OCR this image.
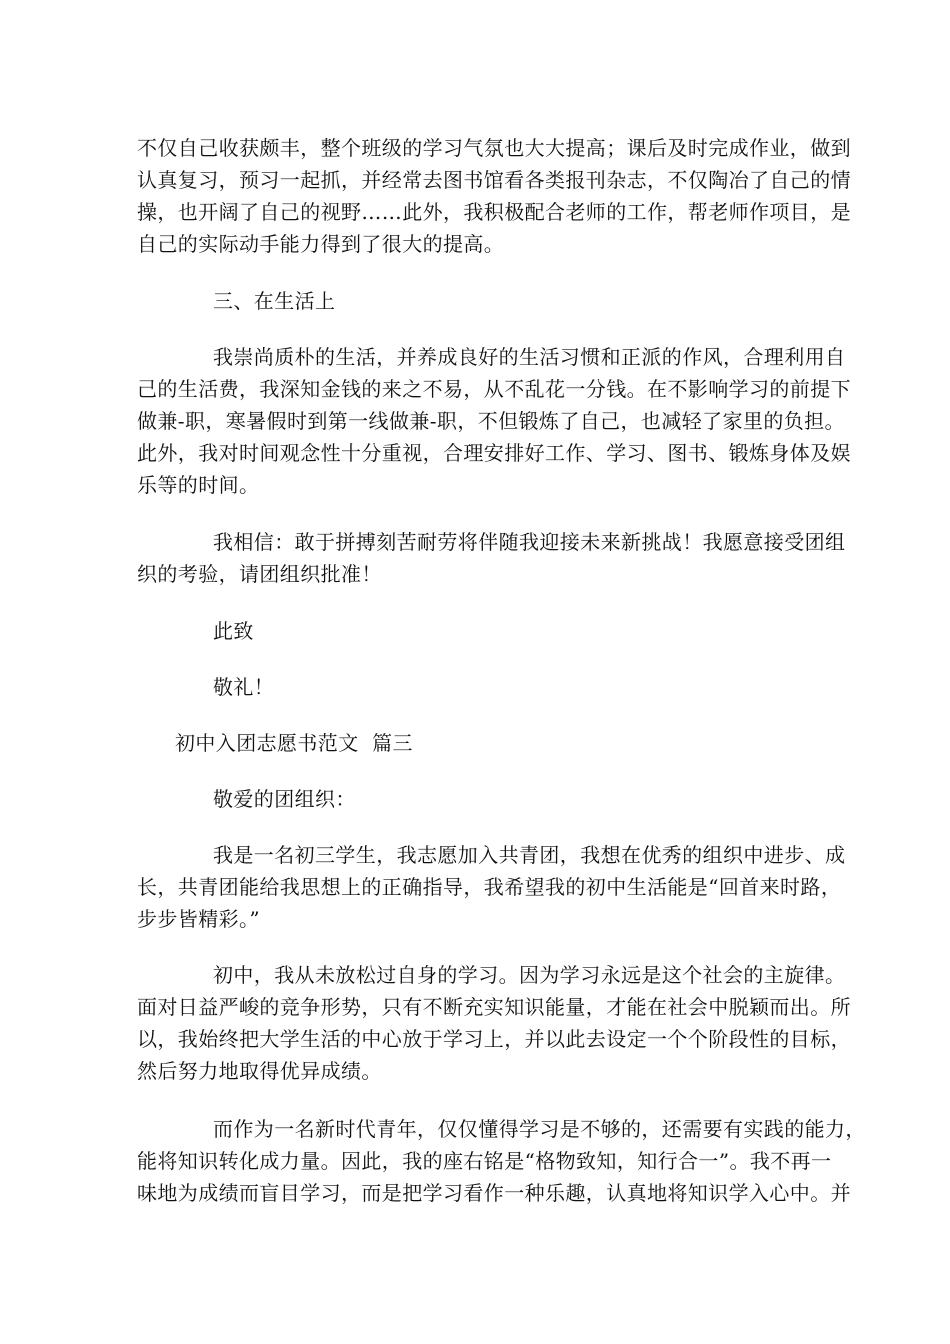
不仅自己收获颇丰，整个班级的学习气氛也大大提高；课后及时完成作业，做到
认真复习，预习一起抓，并经常去图书馆看各类报刊杂志，不仅陶冶了自己的情
操，也开阔了自己的视野……此外，我积极配合老师的工作，帮老师作项目，是
自己的实际动手能力得到了很大的提高。
三、在生活上
我崇尚质朴的生活，并养成良好的生活习惯和正派的作风，合理利用自
己的生活费，我深知金钱的来之不易，从不乱花一分钱。在不影响学习的前提下
做兼-职，寒暑假时到第一线做兼-职，不但锻炼了自己，也减轻了家里的负担。
此外，我对时间观念性十分重视，合理安排好工作、学习、图书、锻炼身体及娱
乐等的时间。
我相信：敢于拼搏刻苦耐劳将伴随我迎接未来新挑战！我愿意接受团组
织的考验，请团组织批准！
此致
敬礼！
初中入团志愿书范文  篇三
敬爱的团组织：
我是一名初三学生，我志愿加入共青团，我想在优秀的组织中进步、成
长，共青团能给我思想上的正确指导，我希望我的初中生活能是“回首来时路，
步步皆精彩。”
初中，我从未放松过自身的学习。因为学习永远是这个社会的主旋律。
面对日益严峻的竞争形势，只有不断充实知识能量，才能在社会中脱颖而出。所
以，我始终把大学生活的中心放于学习上，并以此去设定一个个阶段性的目标，
然后努力地取得优异成绩。
而作为一名新时代青年，仅仅懂得学习是不够的，还需要有实践的能力，
能将知识转化成力量。因此，我的座右铭是“格物致知，知行合一”。我不再一
味地为成绩而盲目学习，而是把学习看作一种乐趣，认真地将知识学入心中。并
